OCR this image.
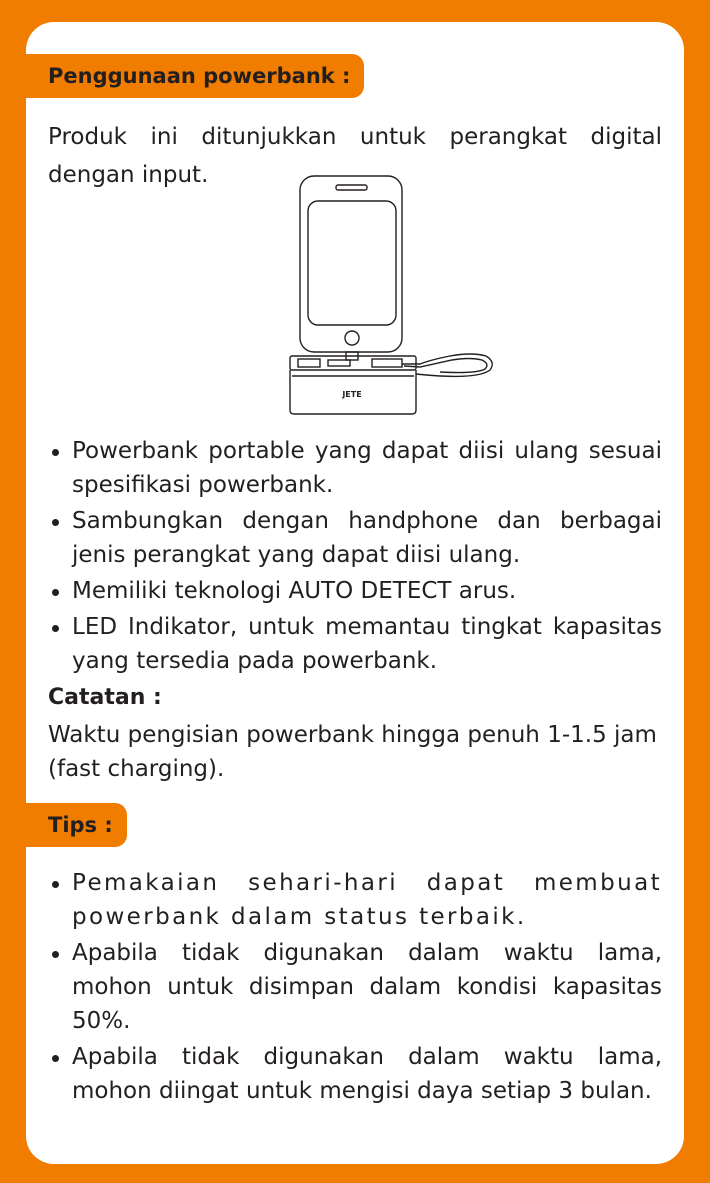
Penggunaan powerbank :

Produk ini ditunjukkan untuk perangkat digital dengan input.

JETE
Powerbank portable yang dapat diisi ulang sesuai spesifikasi powerbank.
Sambungkan dengan handphone dan berbagai jenis perangkat yang dapat diisi ulang.
Memiliki teknologi AUTO DETECT arus.
LED Indikator, untuk memantau tingkat kapasitas yang tersedia pada powerbank.

Catatan :

Waktu pengisian powerbank hingga penuh 1-1.5 jam (fast charging).

Tips :
Pemakaian sehari-hari dapat membuat powerbank dalam status terbaik.
Apabila tidak digunakan dalam waktu lama, mohon untuk disimpan dalam kondisi kapasitas 50%.
Apabila tidak digunakan dalam waktu lama, mohon diingat untuk mengisi daya setiap 3 bulan.
